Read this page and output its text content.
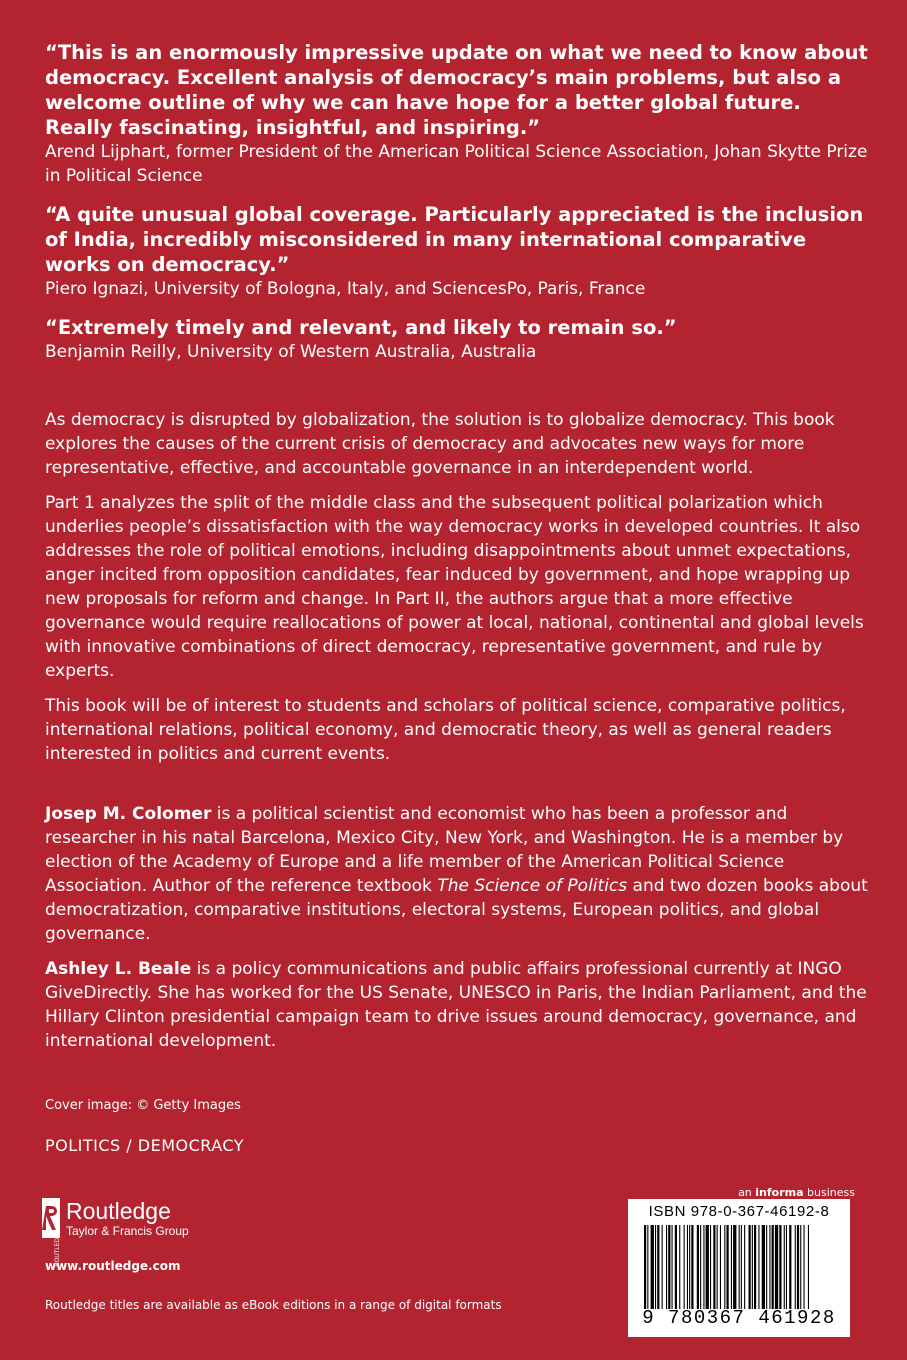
“This is an enormously impressive update on what we need to know about democracy. Excellent analysis of democracy’s main problems, but also a welcome outline of why we can have hope for a better global future. Really fascinating, insightful, and inspiring.”

Arend Lijphart, former President of the American Political Science Association, Johan Skytte Prize in Political Science

“A quite unusual global coverage. Particularly appreciated is the inclusion of India, incredibly misconsidered in many international comparative works on democracy.”

Piero Ignazi, University of Bologna, Italy, and SciencesPo, Paris, France

“Extremely timely and relevant, and likely to remain so.”

Benjamin Reilly, University of Western Australia, Australia

As democracy is disrupted by globalization, the solution is to globalize democracy. This book explores the causes of the current crisis of democracy and advocates new ways for more representative, effective, and accountable governance in an interdependent world.

Part 1 analyzes the split of the middle class and the subsequent political polarization which underlies people’s dissatisfaction with the way democracy works in developed countries. It also addresses the role of political emotions, including disappointments about unmet expectations, anger incited from opposition candidates, fear induced by government, and hope wrapping up new proposals for reform and change. In Part II, the authors argue that a more effective governance would require reallocations of power at local, national, continental and global levels with innovative combinations of direct democracy, representative government, and rule by experts.

This book will be of interest to students and scholars of political science, comparative politics, international relations, political economy, and democratic theory, as well as general readers interested in politics and current events.

Josep M. Colomer is a political scientist and economist who has been a professor and researcher in his natal Barcelona, Mexico City, New York, and Washington. He is a member by election of the Academy of Europe and a life member of the American Political Science Association. Author of the reference textbook The Science of Politics and two dozen books about democratization, comparative institutions, electoral systems, European politics, and global governance.

Ashley L. Beale is a policy communications and public affairs professional currently at INGO GiveDirectly. She has worked for the US Senate, UNESCO in Paris, the Indian Parliament, and the Hillary Clinton presidential campaign team to drive issues around democracy, governance, and international development.

Cover image: © Getty Images
POLITICS / DEMOCRACY
ROUTLEDGE
Routledge
Taylor & Francis Group
www.routledge.com
Routledge titles are available as eBook editions in a range of digital formats
an informa business
ISBN 978-0-367-46192-8
9 780367 461928
